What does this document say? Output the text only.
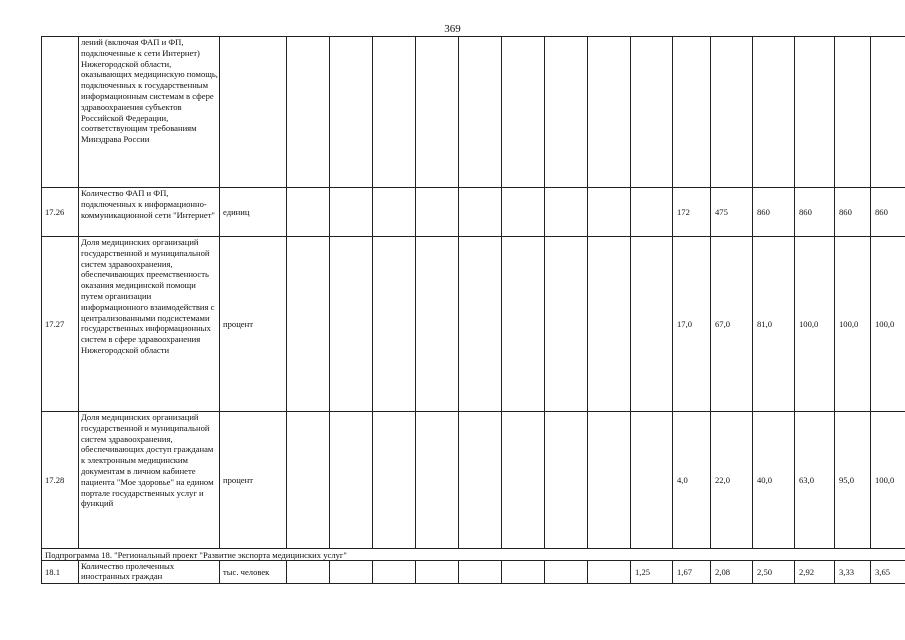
369
	лений (включая ФАП и ФП, подключенные к сети Интернет) Нижегородской области, оказывающих медицинскую помощь, подключенных к государственным информационным системам в сфере здравоохранения субъектов Российской Федерации, соответствующим требованиям Минздрава России																
17.26	Количество ФАП и ФП, подключенных к информационно-коммуникационной сети "Интернет"	единиц										172	475	860	860	860	860
17.27	Доля медицинских организаций государственной и муниципальной систем здравоохранения, обеспечивающих преемственность оказания медицинской помощи путем организации информационного взаимодействия с централизованными подсистемами государственных информационных систем в сфере здравоохранения Нижегородской области	процент										17,0	67,0	81,0	100,0	100,0	100,0
17.28	Доля медицинских организаций государственной и муниципальной систем здравоохранения, обеспечивающих доступ гражданам к электронным медицинским документам в личном кабинете пациента "Мое здоровье" на едином портале государственных услуг и функций	процент										4,0	22,0	40,0	63,0	95,0	100,0
Подпрограмма 18. "Региональный проект "Развитие экспорта медицинских услуг"																	
18.1	Количество пролеченных иностранных граждан	тыс. человек									1,25	1,67	2,08	2,50	2,92	3,33	3,65
